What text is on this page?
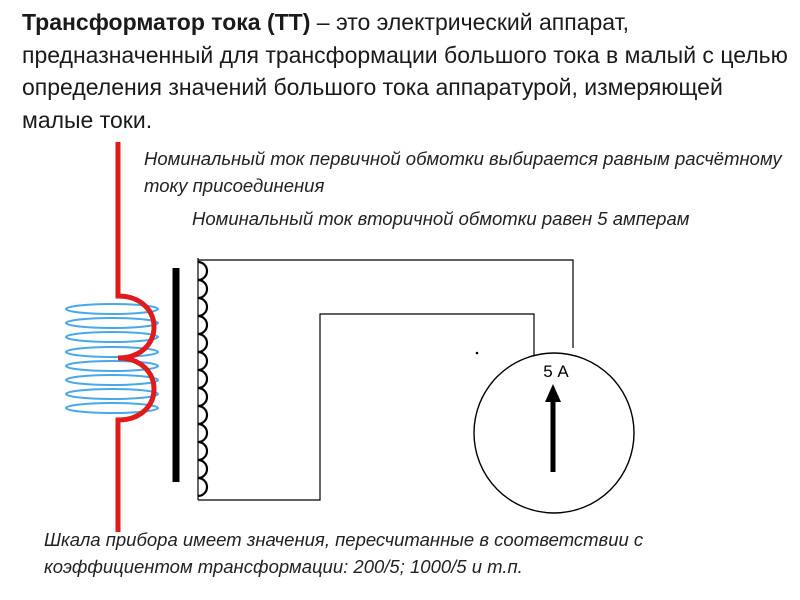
Трансформатор тока (ТТ) – это электрический аппарат, предназначенный для трансформации большого тока в малый с целью определения значений большого тока аппаратурой, измеряющей малые токи.

Номинальный ток первичной обмотки выбирается равным расчётному току присоединения

Номинальный ток вторичной обмотки равен 5 амперам

5 А

Шкала прибора имеет значения, пересчитанные в соответствии с коэффициентом трансформации: 200/5; 1000/5 и т.п.
